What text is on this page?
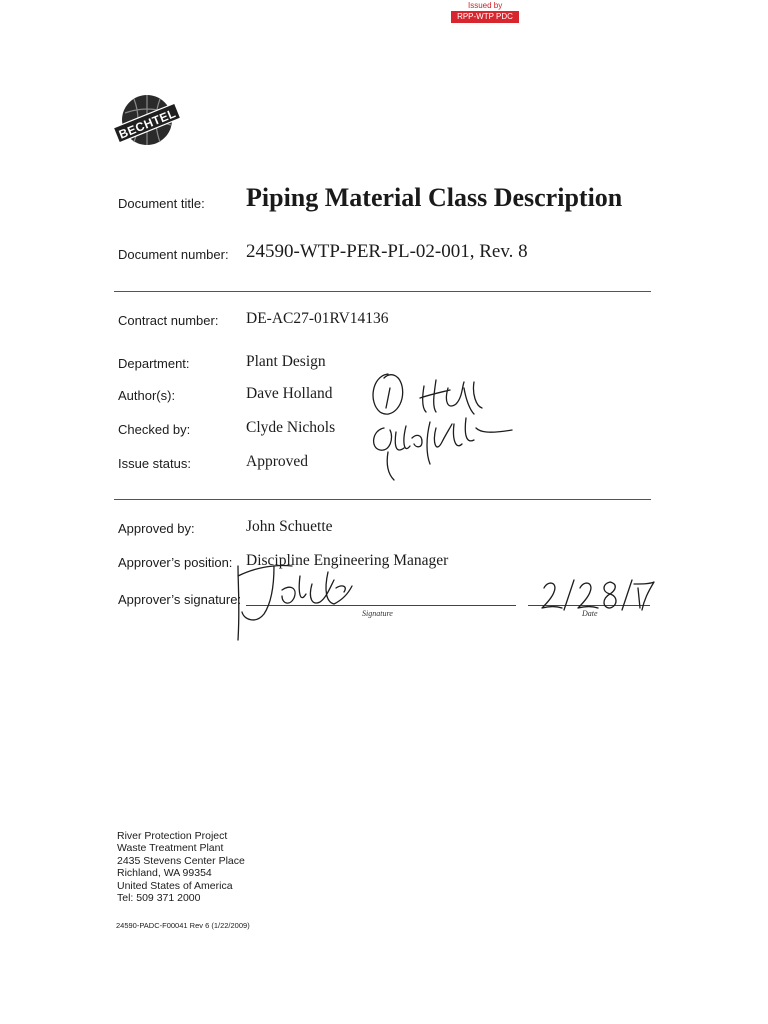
Issued by
RPP-WTP PDC
BECHTEL
Document title: Piping Material Class Description
Document number: 24590-WTP-PER-PL-02-001, Rev. 8
Contract number: DE-AC27-01RV14136
Department:	Plant Design
Author(s):	Dave Holland
Checked by:	Clyde Nichols
Issue status:	Approved
Approved by:	John Schuette
Approver’s position: Discipline Engineering Manager
Approver’s signature:
Signature	Date
River Protection Project
Waste Treatment Plant
2435 Stevens Center Place
Richland, WA 99354
United States of America
Tel: 509 371 2000
24590-PADC-F00041 Rev 6 (1/22/2009)
